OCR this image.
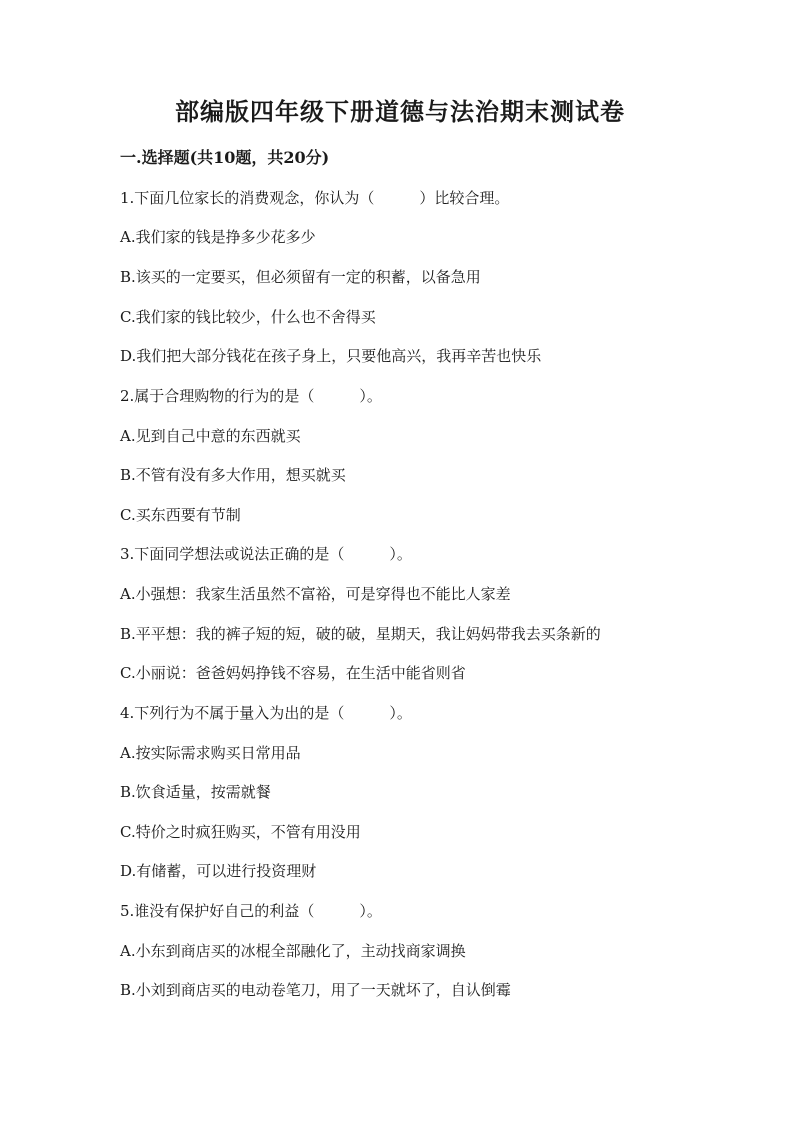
部编版四年级下册道德与法治期末测试卷
一.选择题(共10题，共20分)
1.下面几位家长的消费观念，你认为（　　　）比较合理。
A.我们家的钱是挣多少花多少
B.该买的一定要买，但必须留有一定的积蓄，以备急用
C.我们家的钱比较少，什么也不舍得买
D.我们把大部分钱花在孩子身上，只要他高兴，我再辛苦也快乐
2.属于合理购物的行为的是（　　　）。
A.见到自己中意的东西就买
B.不管有没有多大作用，想买就买
C.买东西要有节制
3.下面同学想法或说法正确的是（　　　）。
A.小强想：我家生活虽然不富裕，可是穿得也不能比人家差
B.平平想：我的裤子短的短，破的破，星期天，我让妈妈带我去买条新的
C.小丽说：爸爸妈妈挣钱不容易，在生活中能省则省
4.下列行为不属于量入为出的是（　　　）。
A.按实际需求购买日常用品
B.饮食适量，按需就餐
C.特价之时疯狂购买，不管有用没用
D.有储蓄，可以进行投资理财
5.谁没有保护好自己的利益（　　　）。
A.小东到商店买的冰棍全部融化了，主动找商家调换
B.小刘到商店买的电动卷笔刀，用了一天就坏了，自认倒霉
